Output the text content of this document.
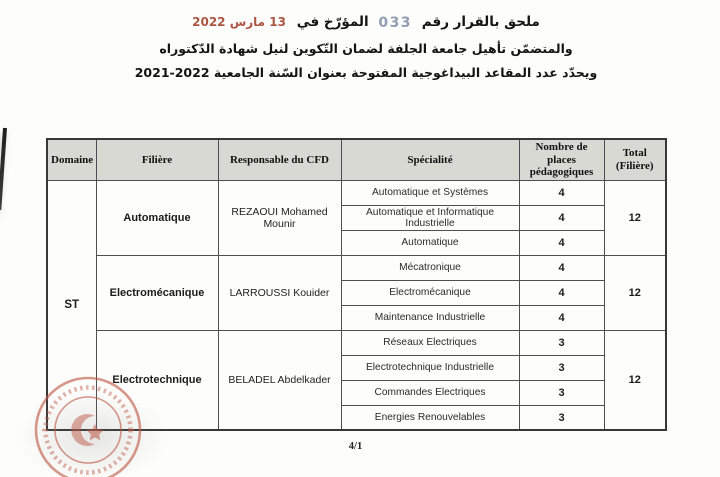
ملحق بالقرار رقم 033 المؤرّخ في 13 مارس 2022
والمتضمّن تأهيل جامعة الجلفة لضمان التّكوين لنيل شهادة الدّكتوراه
ويحدّد عدد المقاعد البيداغوجية المفتوحة بعنوان السّنة الجامعية 2022-2021
Domaine	Filière	Responsable du CFD	Spécialité	Nombre de places pédagogiques	Total (Filière)
ST	Automatique	REZAOUI Mohamed Mounir	Automatique et Systèmes	4	12
			Automatique et Informatique Industrielle	4	
			Automatique	4	
	Electromécanique	LARROUSSI Kouider	Mécatronique	4	12
			Electromécanique	4	
			Maintenance Industrielle	4	
	Electrotechnique	BELADEL Abdelkader	Réseaux Electriques	3	12
			Electrotechnique Industrielle	3	
			Commandes Electriques	3	
			Energies Renouvelables	3	
4/1
